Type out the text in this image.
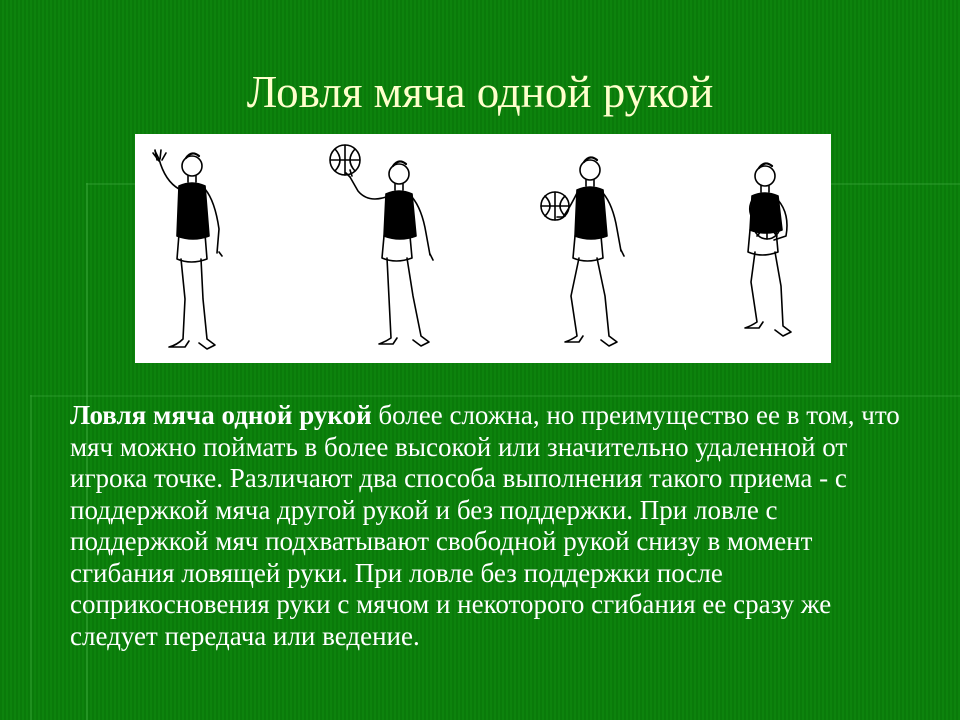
Ловля мяча одной рукой
Ловля мяча одной рукой более сложна, но преимущество ее в том, что мяч можно поймать в более высокой или значительно удаленной от игрока точке. Различают два способа выполнения такого приема - с поддержкой мяча другой рукой и без поддержки. При ловле с поддержкой мяч подхватывают свободной рукой снизу в момент сгибания ловящей руки. При ловле без поддержки после соприкосновения руки с мячом и некоторого сгибания ее сразу же следует передача или ведение.
